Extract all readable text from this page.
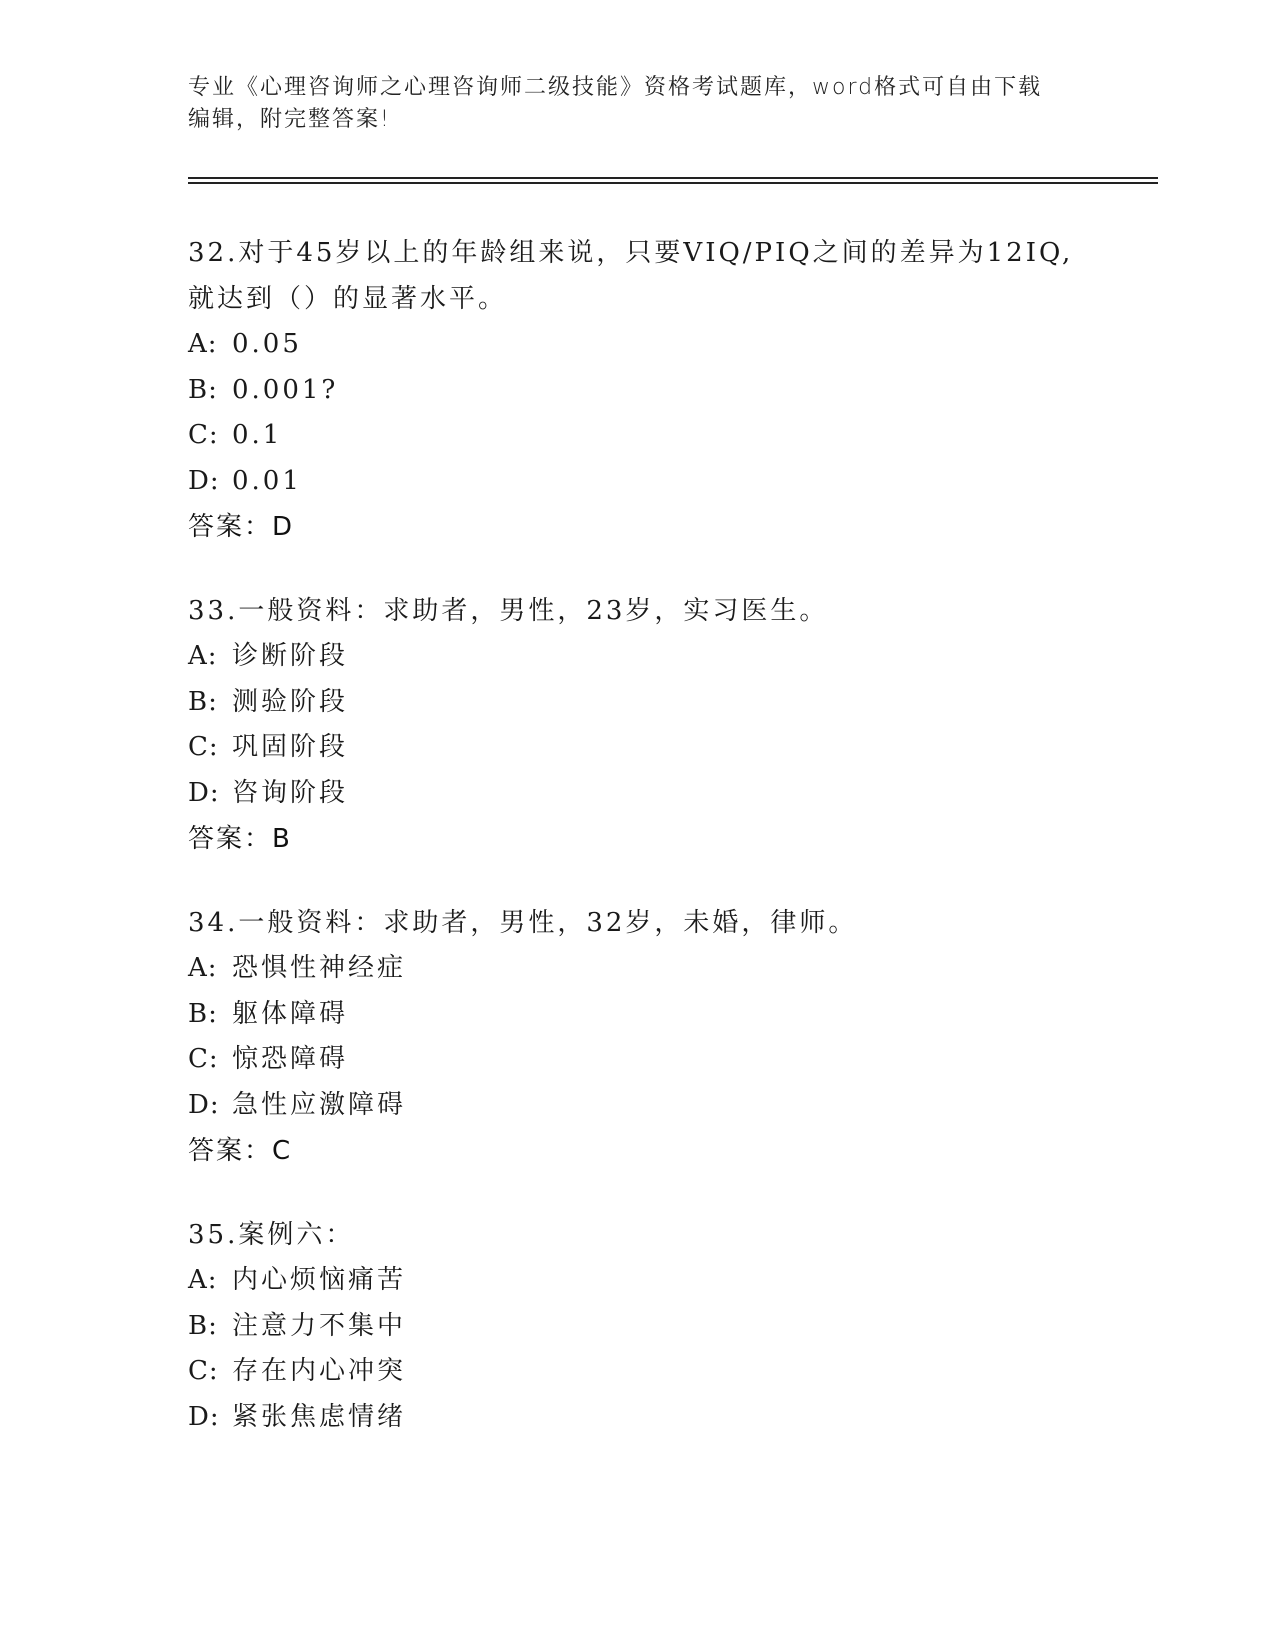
专业《心理咨询师之心理咨询师二级技能》资格考试题库，word格式可自由下载
编辑，附完整答案!

32.对于45岁以上的年龄组来说，只要VIQ/PIQ之间的差异为12IQ,

就达到（）的显著水平。

A: 0.05

B: 0.001?

C: 0.1

D: 0.01

答案：D

33.一般资料：求助者，男性，23岁，实习医生。

A: 诊断阶段

B: 测验阶段

C: 巩固阶段

D: 咨询阶段

答案：B

34.一般资料：求助者，男性，32岁，未婚，律师。

A: 恐惧性神经症

B: 躯体障碍

C: 惊恐障碍

D: 急性应激障碍

答案：C

35.案例六：

A: 内心烦恼痛苦

B: 注意力不集中

C: 存在内心冲突

D: 紧张焦虑情绪
